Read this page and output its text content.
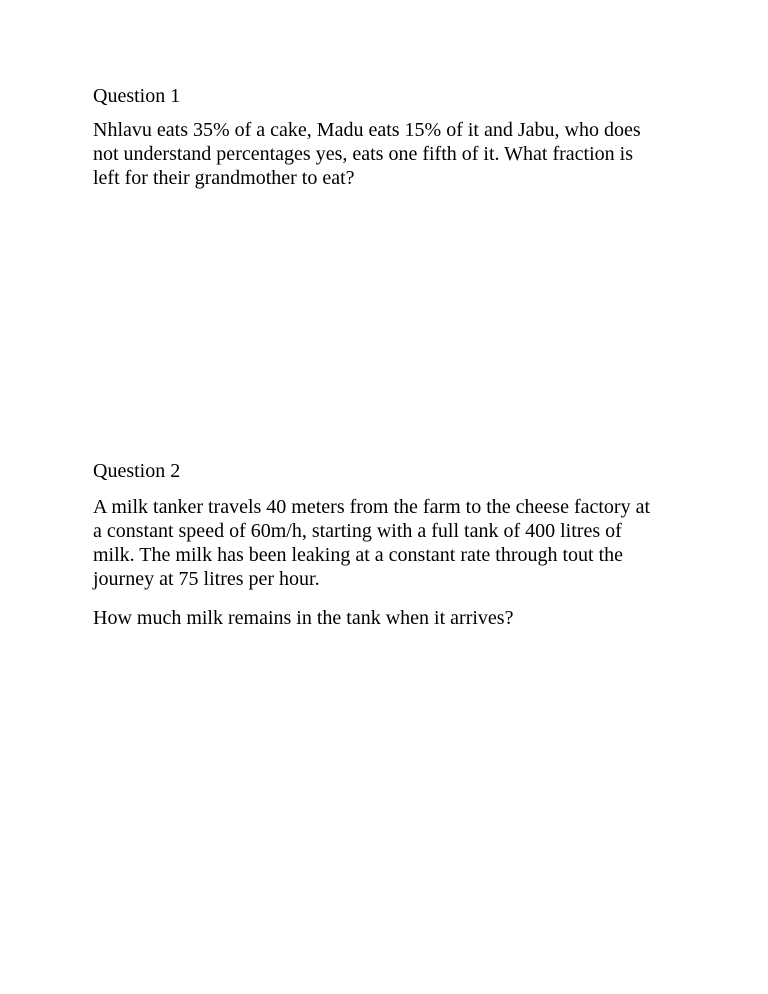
Question 1
Nhlavu eats 35% of a cake, Madu eats 15% of it and Jabu, who does
not understand percentages yes, eats one fifth of it. What fraction is
left for their grandmother to eat?
Question 2
A milk tanker travels 40 meters from the farm to the cheese factory at
a constant speed of 60m/h, starting with a full tank of 400 litres of
milk. The milk has been leaking at a constant rate through tout the
journey at 75 litres per hour.
How much milk remains in the tank when it arrives?
